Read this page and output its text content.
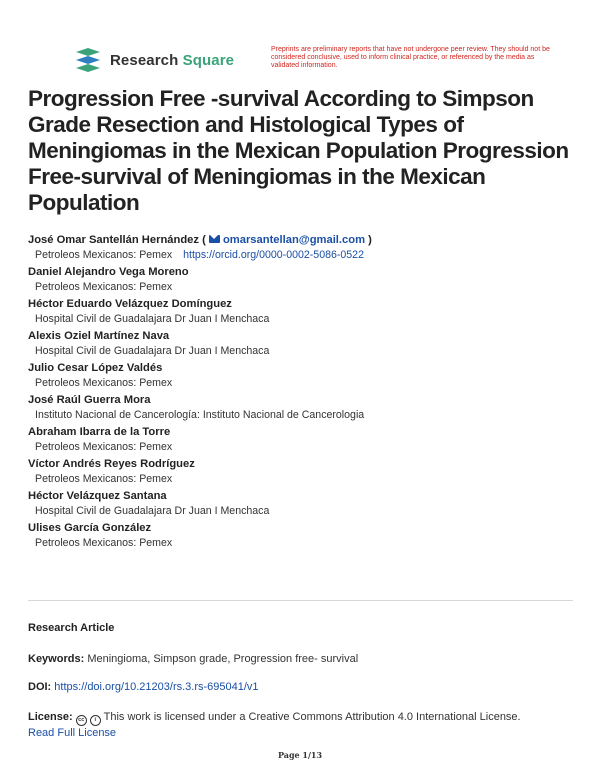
Research Square
Preprints are preliminary reports that have not undergone peer review. They should not be considered conclusive, used to inform clinical practice, or referenced by the media as validated information.
Progression Free -survival According to Simpson Grade Resection and Histological Types of Meningiomas in the Mexican Population Progression Free-survival of Meningiomas in the Mexican Population
José Omar Santellán Hernández ( omarsantellan@gmail.com )
Petroleos Mexicanos: Pemex https://orcid.org/0000-0002-5086-0522
Daniel Alejandro Vega Moreno
Petroleos Mexicanos: Pemex
Héctor Eduardo Velázquez Domínguez
Hospital Civil de Guadalajara Dr Juan I Menchaca
Alexis Oziel Martínez Nava
Hospital Civil de Guadalajara Dr Juan I Menchaca
Julio Cesar López Valdés
Petroleos Mexicanos: Pemex
José Raúl Guerra Mora
Instituto Nacional de Cancerología: Instituto Nacional de Cancerologia
Abraham Ibarra de la Torre
Petroleos Mexicanos: Pemex
Víctor Andrés Reyes Rodríguez
Petroleos Mexicanos: Pemex
Héctor Velázquez Santana
Hospital Civil de Guadalajara Dr Juan I Menchaca
Ulises García González
Petroleos Mexicanos: Pemex
Research Article
Keywords: Meningioma, Simpson grade, Progression free- survival
DOI: https://doi.org/10.21203/rs.3.rs-695041/v1
License: cc i This work is licensed under a Creative Commons Attribution 4.0 International License.
Read Full License
Page 1/13
